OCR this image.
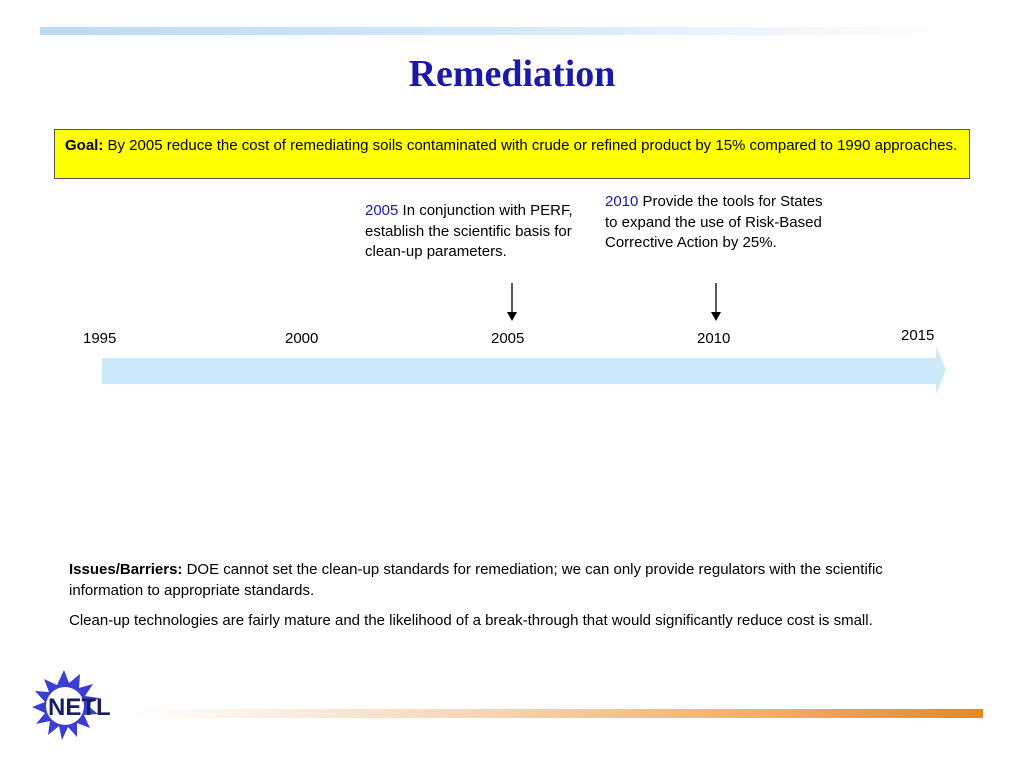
Remediation
Goal: By 2005 reduce the cost of remediating soils contaminated with crude or refined product by 15% compared to 1990 approaches.
2005 In conjunction with PERF, establish the scientific basis for clean-up parameters.
2010 Provide the tools for States to expand the use of Risk-Based Corrective Action by 25%.
1995	2000	2005	2010	2015

Issues/Barriers: DOE cannot set the clean-up standards for remediation; we can only provide regulators with the scientific information to appropriate standards.

Clean-up technologies are fairly mature and the likelihood of a break-through that would significantly reduce cost is small.

NETL
